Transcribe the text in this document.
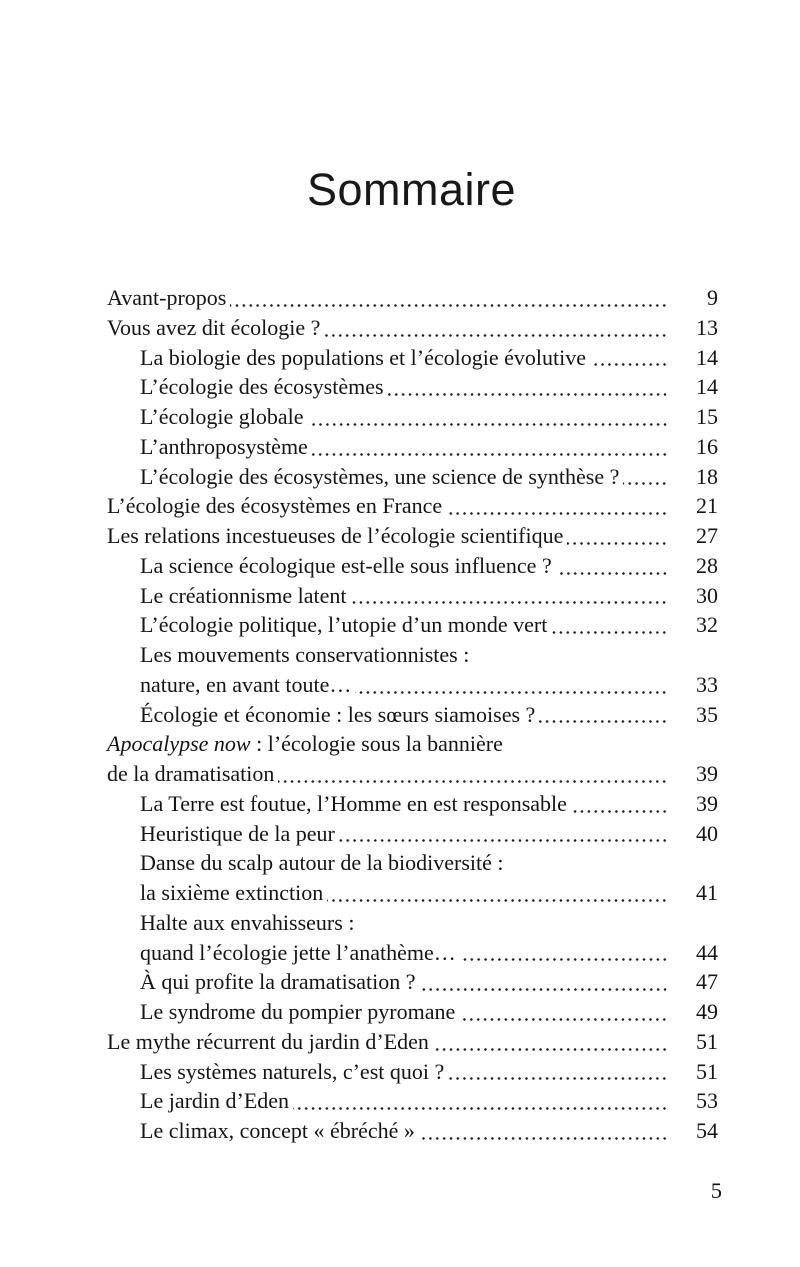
Sommaire
Avant-propos	9
Vous avez dit écologie ?	13
La biologie des populations et l’écologie évolutive	14
L’écologie des écosystèmes	14
L’écologie globale	15
L’anthroposystème	16
L’écologie des écosystèmes, une science de synthèse ?	18
L’écologie des écosystèmes en France	21
Les relations incestueuses de l’écologie scientifique	27
La science écologique est-elle sous influence ?	28
Le créationnisme latent	30
L’écologie politique, l’utopie d’un monde vert	32
Les mouvements conservationnistes :
nature, en avant toute…	33
Écologie et économie : les sœurs siamoises ?	35
Apocalypse now : l’écologie sous la bannière
de la dramatisation	39
La Terre est foutue, l’Homme en est responsable	39
Heuristique de la peur	40
Danse du scalp autour de la biodiversité :
la sixième extinction	41
Halte aux envahisseurs :
quand l’écologie jette l’anathème…	44
À qui profite la dramatisation ?	47
Le syndrome du pompier pyromane	49
Le mythe récurrent du jardin d’Eden	51
Les systèmes naturels, c’est quoi ?	51
Le jardin d’Eden	53
Le climax, concept « ébréché »	54
5
